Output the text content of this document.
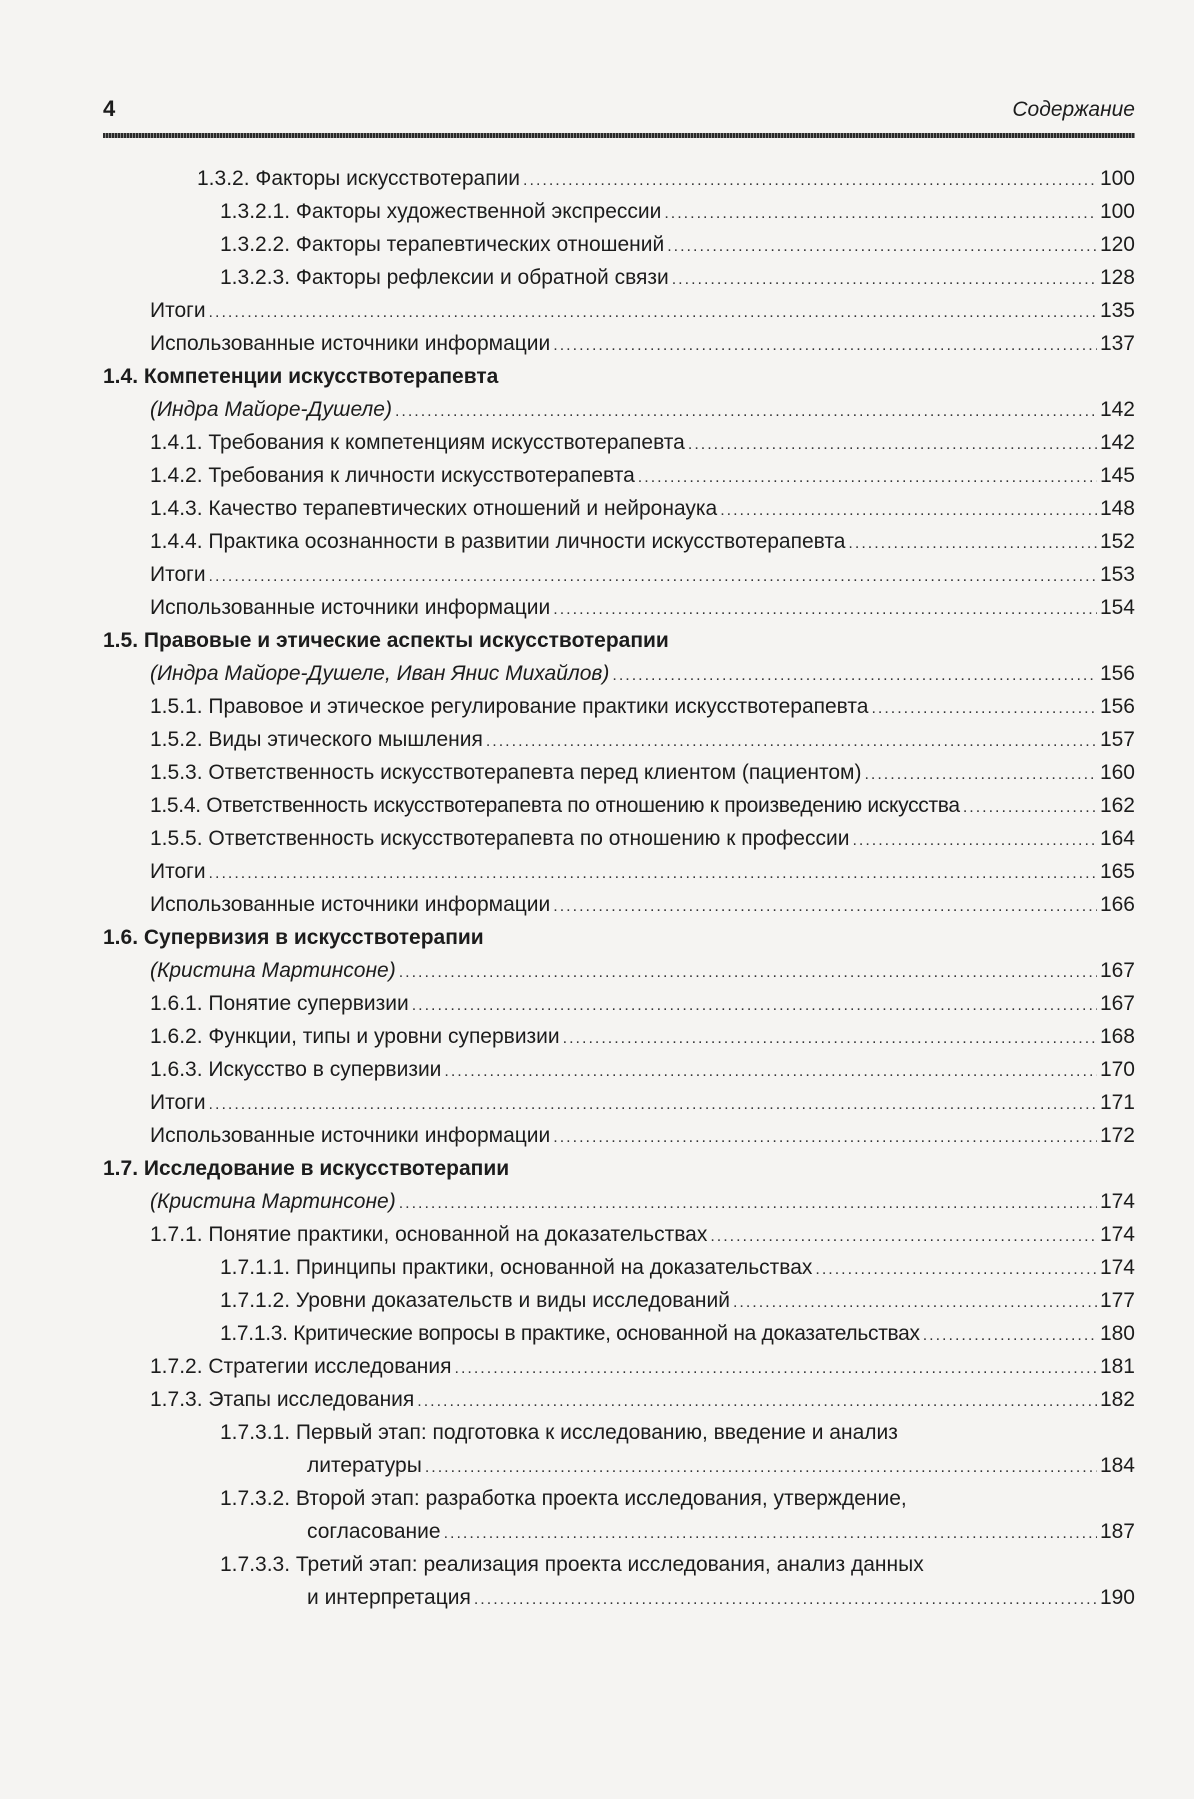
4	Содержание
1.3.2. Факторы искусствотерапии .....	100
1.3.2.1. Факторы художественной экспрессии .....	100
1.3.2.2. Факторы терапевтических отношений .....	120
1.3.2.3. Факторы рефлексии и обратной связи .....	128
Итоги .....	135
Использованные источники информации .....	137
1.4. Компетенции искусствотерапевта
(Индра Майоре-Душеле) .....	142
1.4.1. Требования к компетенциям искусствотерапевта .....	142
1.4.2. Требования к личности искусствотерапевта .....	145
1.4.3. Качество терапевтических отношений и нейронаука .....	148
1.4.4. Практика осознанности в развитии личности искусствотерапевта .....	152
Итоги .....	153
Использованные источники информации .....	154
1.5. Правовые и этические аспекты искусствотерапии
(Индра Майоре-Душеле, Иван Янис Михайлов) .....	156
1.5.1. Правовое и этическое регулирование практики искусствотерапевта .....	156
1.5.2. Виды этического мышления .....	157
1.5.3. Ответственность искусствотерапевта перед клиентом (пациентом) .....	160
1.5.4. Ответственность искусствотерапевта по отношению к произведению искусства .....	162
1.5.5. Ответственность искусствотерапевта по отношению к профессии .....	164
Итоги .....	165
Использованные источники информации .....	166
1.6. Супервизия в искусствотерапии
(Кристина Мартинсоне) .....	167
1.6.1. Понятие супервизии .....	167
1.6.2. Функции, типы и уровни супервизии .....	168
1.6.3. Искусство в супервизии .....	170
Итоги .....	171
Использованные источники информации .....	172
1.7. Исследование в искусствотерапии
(Кристина Мартинсоне) .....	174
1.7.1. Понятие практики, основанной на доказательствах .....	174
1.7.1.1. Принципы практики, основанной на доказательствах .....	174
1.7.1.2. Уровни доказательств и виды исследований .....	177
1.7.1.3. Критические вопросы в практике, основанной на доказательствах .....	180
1.7.2. Стратегии исследования .....	181
1.7.3. Этапы исследования .....	182
1.7.3.1. Первый этап: подготовка к исследованию, введение и анализ
литературы .....	184
1.7.3.2. Второй этап: разработка проекта исследования, утверждение,
согласование .....	187
1.7.3.3. Третий этап: реализация проекта исследования, анализ данных
и интерпретация .....	190
